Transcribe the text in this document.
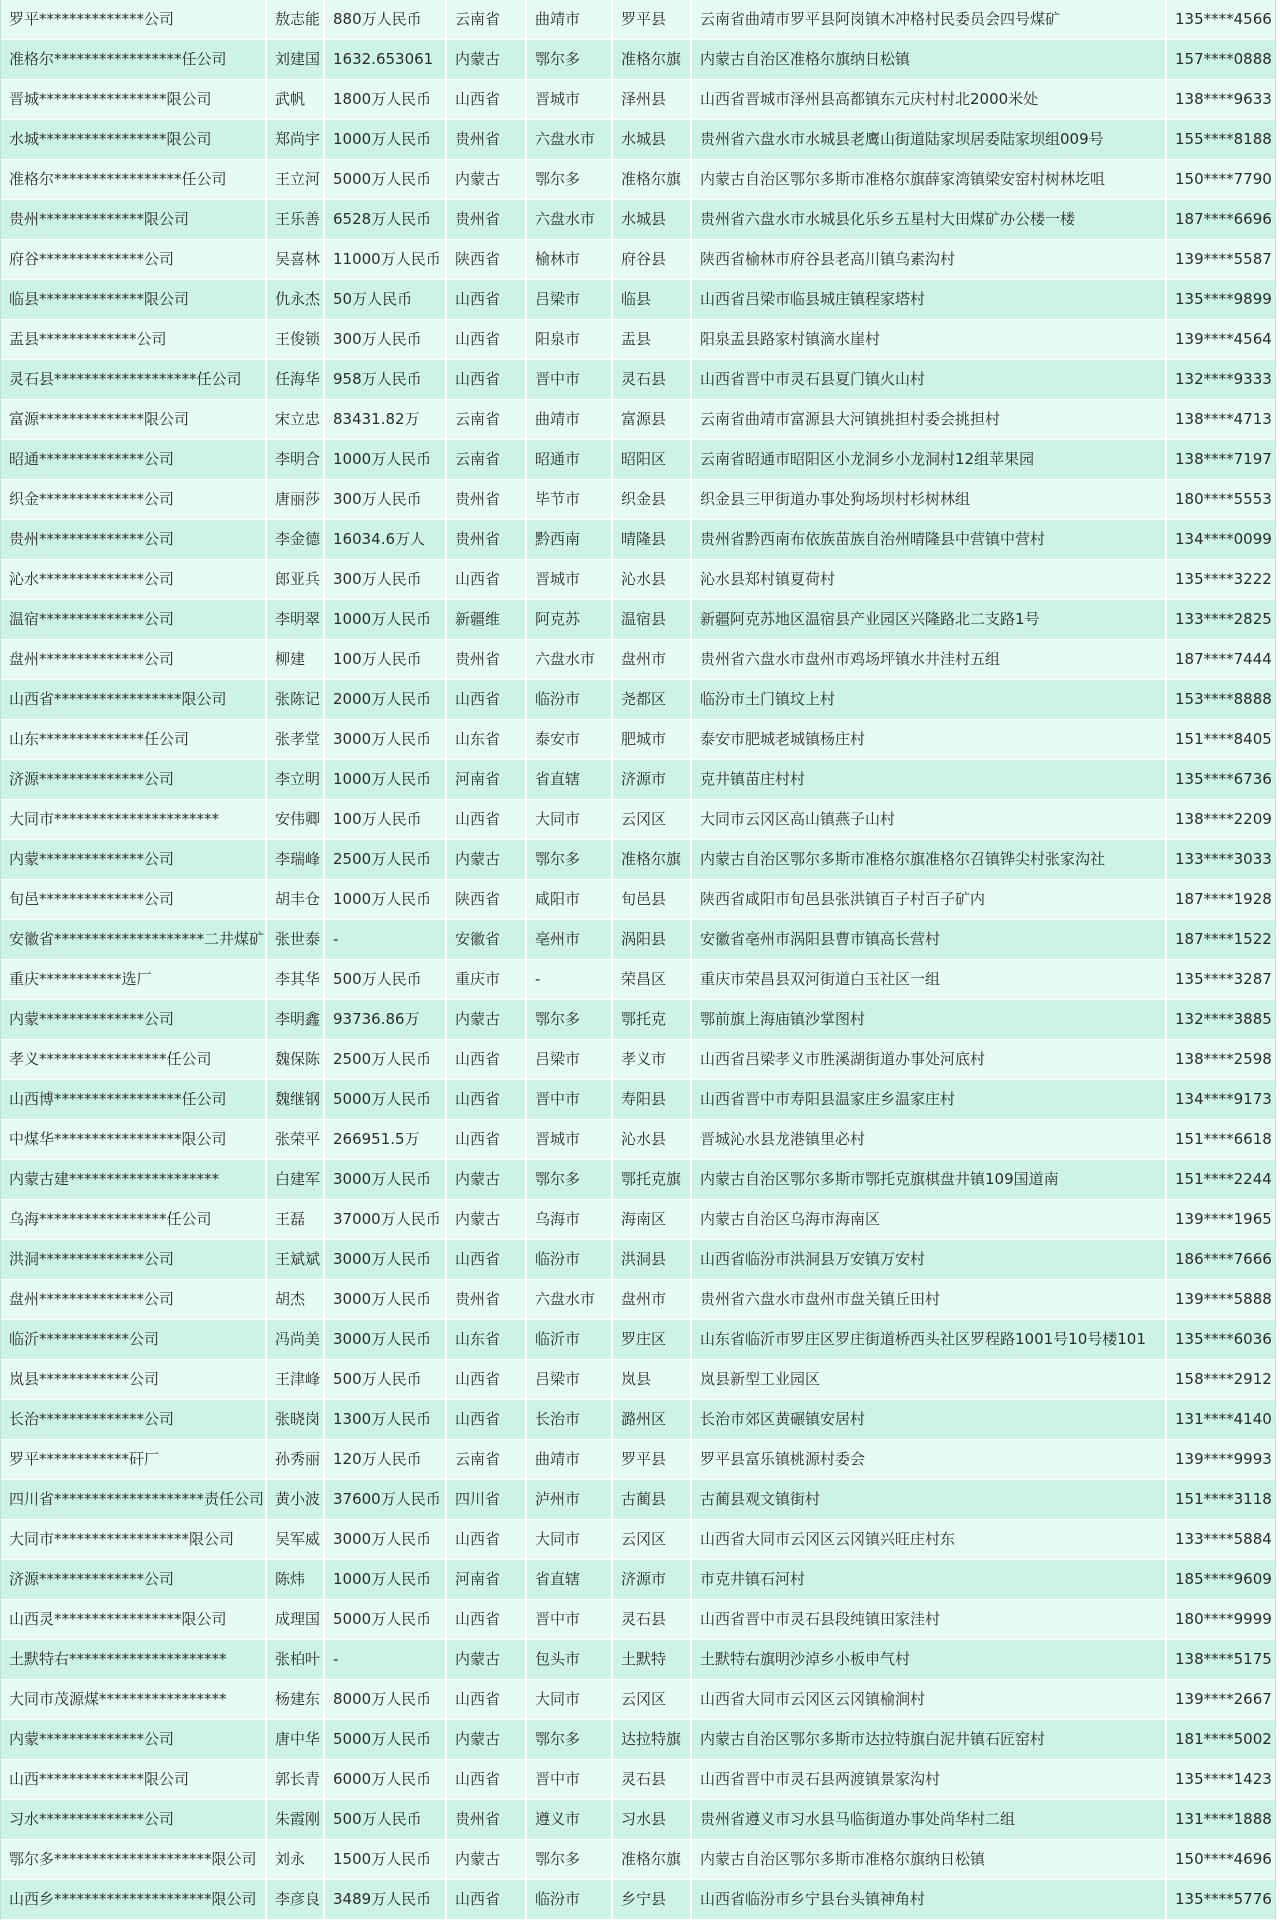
罗平**************公司	敖志能	880万人民币	云南省	曲靖市	罗平县	云南省曲靖市罗平县阿岗镇木冲格村民委员会四号煤矿	135****4566
准格尔*****************任公司	刘建国	1632.653061	内蒙古	鄂尔多	准格尔旗	内蒙古自治区准格尔旗纳日松镇	157****0888
晋城*****************限公司	武帆	1800万人民币	山西省	晋城市	泽州县	山西省晋城市泽州县高都镇东元庆村村北2000米处	138****9633
水城*****************限公司	郑尚宇	1000万人民币	贵州省	六盘水市	水城县	贵州省六盘水市水城县老鹰山街道陆家坝居委陆家坝组009号	155****8188
准格尔*****************任公司	王立河	5000万人民币	内蒙古	鄂尔多	准格尔旗	内蒙古自治区鄂尔多斯市准格尔旗薛家湾镇梁安窑村树林圪咀	150****7790
贵州**************限公司	王乐善	6528万人民币	贵州省	六盘水市	水城县	贵州省六盘水市水城县化乐乡五星村大田煤矿办公楼一楼	187****6696
府谷**************公司	吴喜林	11000万人民币	陕西省	榆林市	府谷县	陕西省榆林市府谷县老高川镇乌素沟村	139****5587
临县**************限公司	仇永杰	50万人民币	山西省	吕梁市	临县	山西省吕梁市临县城庄镇程家塔村	135****9899
盂县*************公司	王俊锁	300万人民币	山西省	阳泉市	盂县	阳泉盂县路家村镇滴水崖村	139****4564
灵石县*******************任公司	任海华	958万人民币	山西省	晋中市	灵石县	山西省晋中市灵石县夏门镇火山村	132****9333
富源**************限公司	宋立忠	83431.82万	云南省	曲靖市	富源县	云南省曲靖市富源县大河镇挑担村委会挑担村	138****4713
昭通**************公司	李明合	1000万人民币	云南省	昭通市	昭阳区	云南省昭通市昭阳区小龙洞乡小龙洞村12组苹果园	138****7197
织金**************公司	唐丽莎	300万人民币	贵州省	毕节市	织金县	织金县三甲街道办事处狗场坝村杉树林组	180****5553
贵州**************公司	李金德	16034.6万人	贵州省	黔西南	晴隆县	贵州省黔西南布依族苗族自治州晴隆县中营镇中营村	134****0099
沁水**************公司	郎亚兵	300万人民币	山西省	晋城市	沁水县	沁水县郑村镇夏荷村	135****3222
温宿**************公司	李明翠	1000万人民币	新疆维	阿克苏	温宿县	新疆阿克苏地区温宿县产业园区兴隆路北二支路1号	133****2825
盘州**************公司	柳建	100万人民币	贵州省	六盘水市	盘州市	贵州省六盘水市盘州市鸡场坪镇水井洼村五组	187****7444
山西省*****************限公司	张陈记	2000万人民币	山西省	临汾市	尧都区	临汾市土门镇坟上村	153****8888
山东**************任公司	张孝堂	3000万人民币	山东省	泰安市	肥城市	泰安市肥城老城镇杨庄村	151****8405
济源**************公司	李立明	1000万人民币	河南省	省直辖	济源市	克井镇苗庄村村	135****6736
大同市**********************	安伟卿	100万人民币	山西省	大同市	云冈区	大同市云冈区高山镇燕子山村	138****2209
内蒙**************公司	李瑞峰	2500万人民币	内蒙古	鄂尔多	准格尔旗	内蒙古自治区鄂尔多斯市准格尔旗准格尔召镇铧尖村张家沟社	133****3033
旬邑**************公司	胡丰仓	1000万人民币	陕西省	咸阳市	旬邑县	陕西省咸阳市旬邑县张洪镇百子村百子矿内	187****1928
安徽省********************二井煤矿	张世泰	-	安徽省	亳州市	涡阳县	安徽省亳州市涡阳县曹市镇高长营村	187****1522
重庆***********选厂	李其华	500万人民币	重庆市	-	荣昌区	重庆市荣昌县双河街道白玉社区一组	135****3287
内蒙**************公司	李明鑫	93736.86万	内蒙古	鄂尔多	鄂托克	鄂前旗上海庙镇沙掌图村	132****3885
孝义*****************任公司	魏保陈	2500万人民币	山西省	吕梁市	孝义市	山西省吕梁孝义市胜溪湖街道办事处河底村	138****2598
山西博*****************任公司	魏继钢	5000万人民币	山西省	晋中市	寿阳县	山西省晋中市寿阳县温家庄乡温家庄村	134****9173
中煤华*****************限公司	张荣平	266951.5万	山西省	晋城市	沁水县	晋城沁水县龙港镇里必村	151****6618
内蒙古建********************	白建军	3000万人民币	内蒙古	鄂尔多	鄂托克旗	内蒙古自治区鄂尔多斯市鄂托克旗棋盘井镇109国道南	151****2244
乌海*****************任公司	王磊	37000万人民币	内蒙古	乌海市	海南区	内蒙古自治区乌海市海南区	139****1965
洪洞**************公司	王斌斌	3000万人民币	山西省	临汾市	洪洞县	山西省临汾市洪洞县万安镇万安村	186****7666
盘州**************公司	胡杰	3000万人民币	贵州省	六盘水市	盘州市	贵州省六盘水市盘州市盘关镇丘田村	139****5888
临沂************公司	冯尚美	3000万人民币	山东省	临沂市	罗庄区	山东省临沂市罗庄区罗庄街道桥西头社区罗程路1001号10号楼101	135****6036
岚县************公司	王津峰	500万人民币	山西省	吕梁市	岚县	岚县新型工业园区	158****2912
长治**************公司	张晓岗	1300万人民币	山西省	长治市	潞州区	长治市郊区黄碾镇安居村	131****4140
罗平************矸厂	孙秀丽	120万人民币	云南省	曲靖市	罗平县	罗平县富乐镇桃源村委会	139****9993
四川省********************责任公司	黄小波	37600万人民币	四川省	泸州市	古蔺县	古蔺县观文镇街村	151****3118
大同市******************限公司	吴军威	3000万人民币	山西省	大同市	云冈区	山西省大同市云冈区云冈镇兴旺庄村东	133****5884
济源**************公司	陈炜	1000万人民币	河南省	省直辖	济源市	市克井镇石河村	185****9609
山西灵*****************限公司	成理国	5000万人民币	山西省	晋中市	灵石县	山西省晋中市灵石县段纯镇田家洼村	180****9999
土默特右*********************	张柏叶	-	内蒙古	包头市	土默特	土默特右旗明沙淖乡小板申气村	138****5175
大同市茂源煤*****************	杨建东	8000万人民币	山西省	大同市	云冈区	山西省大同市云冈区云冈镇榆涧村	139****2667
内蒙**************公司	唐中华	5000万人民币	内蒙古	鄂尔多	达拉特旗	内蒙古自治区鄂尔多斯市达拉特旗白泥井镇石匠窑村	181****5002
山西**************限公司	郭长青	6000万人民币	山西省	晋中市	灵石县	山西省晋中市灵石县两渡镇景家沟村	135****1423
习水**************公司	朱霞刚	500万人民币	贵州省	遵义市	习水县	贵州省遵义市习水县马临街道办事处尚华村二组	131****1888
鄂尔多*********************限公司	刘永	1500万人民币	内蒙古	鄂尔多	准格尔旗	内蒙古自治区鄂尔多斯市准格尔旗纳日松镇	150****4696
山西乡*********************限公司	李彦良	3489万人民币	山西省	临汾市	乡宁县	山西省临汾市乡宁县台头镇神角村	135****5776
